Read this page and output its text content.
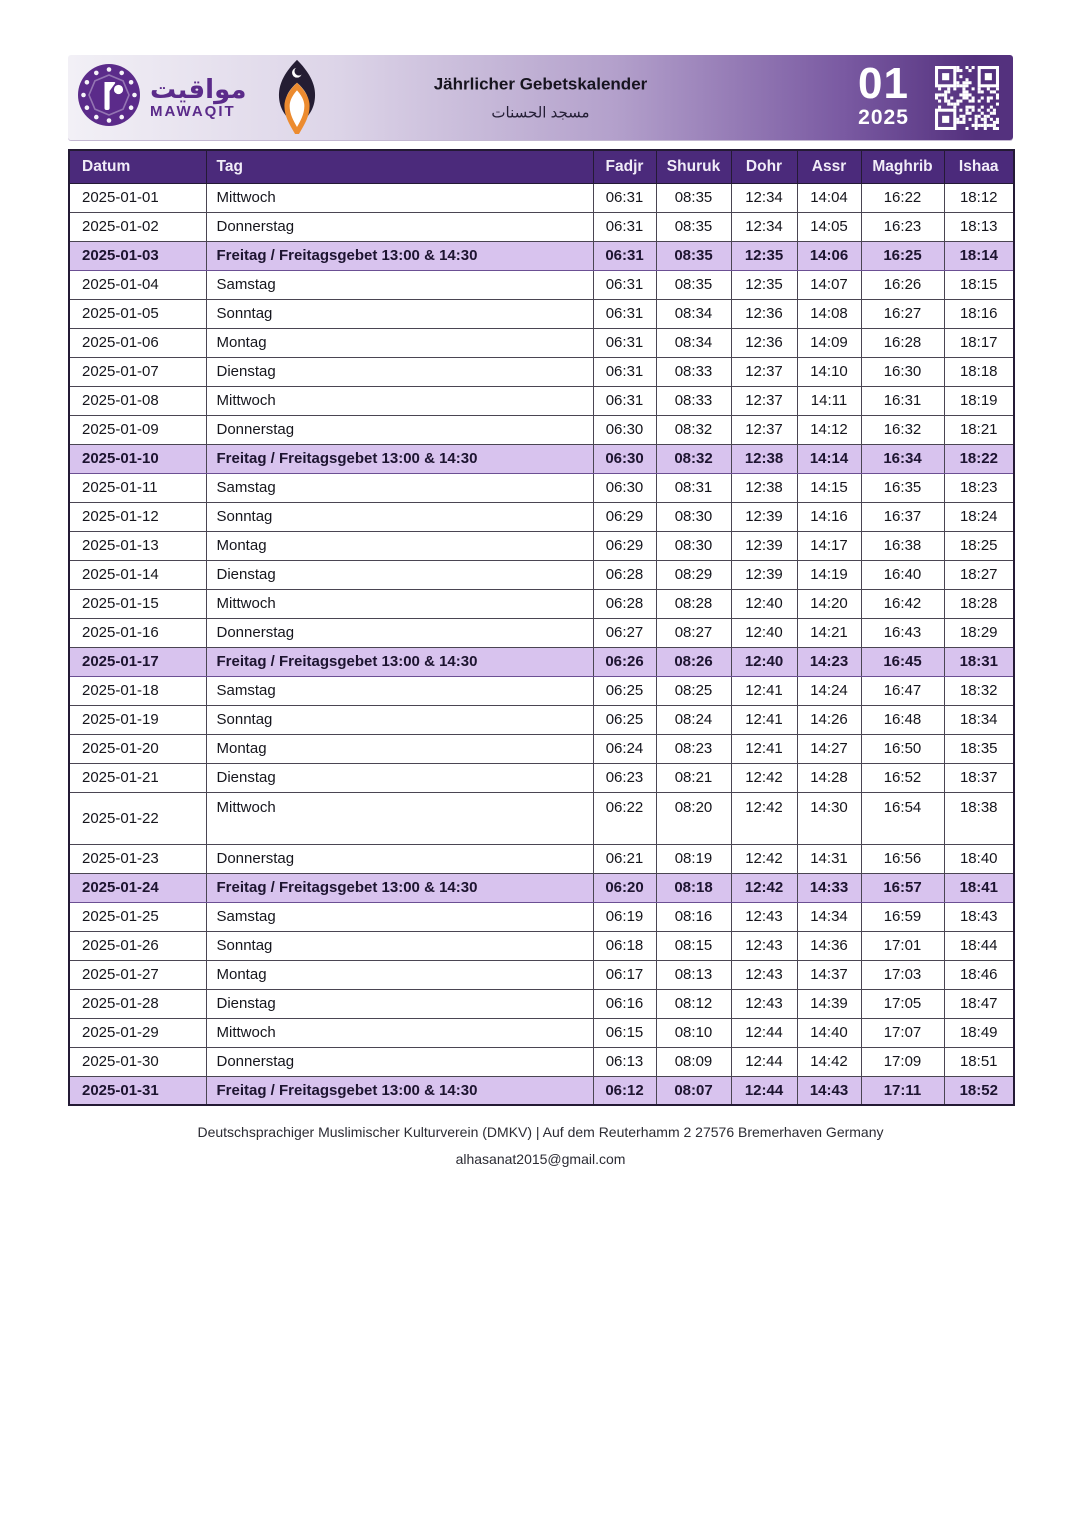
مواقيت
MAWAQIT
Jährlicher Gebetskalender
مسجد الحسنات
01
2025
Datum	Tag	Fadjr	Shuruk	Dohr	Assr	Maghrib	Ishaa
2025-01-01	Mittwoch	06:31	08:35	12:34	14:04	16:22	18:12
2025-01-02	Donnerstag	06:31	08:35	12:34	14:05	16:23	18:13
2025-01-03	Freitag / Freitagsgebet 13:00 & 14:30	06:31	08:35	12:35	14:06	16:25	18:14
2025-01-04	Samstag	06:31	08:35	12:35	14:07	16:26	18:15
2025-01-05	Sonntag	06:31	08:34	12:36	14:08	16:27	18:16
2025-01-06	Montag	06:31	08:34	12:36	14:09	16:28	18:17
2025-01-07	Dienstag	06:31	08:33	12:37	14:10	16:30	18:18
2025-01-08	Mittwoch	06:31	08:33	12:37	14:11	16:31	18:19
2025-01-09	Donnerstag	06:30	08:32	12:37	14:12	16:32	18:21
2025-01-10	Freitag / Freitagsgebet 13:00 & 14:30	06:30	08:32	12:38	14:14	16:34	18:22
2025-01-11	Samstag	06:30	08:31	12:38	14:15	16:35	18:23
2025-01-12	Sonntag	06:29	08:30	12:39	14:16	16:37	18:24
2025-01-13	Montag	06:29	08:30	12:39	14:17	16:38	18:25
2025-01-14	Dienstag	06:28	08:29	12:39	14:19	16:40	18:27
2025-01-15	Mittwoch	06:28	08:28	12:40	14:20	16:42	18:28
2025-01-16	Donnerstag	06:27	08:27	12:40	14:21	16:43	18:29
2025-01-17	Freitag / Freitagsgebet 13:00 & 14:30	06:26	08:26	12:40	14:23	16:45	18:31
2025-01-18	Samstag	06:25	08:25	12:41	14:24	16:47	18:32
2025-01-19	Sonntag	06:25	08:24	12:41	14:26	16:48	18:34
2025-01-20	Montag	06:24	08:23	12:41	14:27	16:50	18:35
2025-01-21	Dienstag	06:23	08:21	12:42	14:28	16:52	18:37
2025-01-22	Mittwoch	06:22	08:20	12:42	14:30	16:54	18:38
2025-01-23	Donnerstag	06:21	08:19	12:42	14:31	16:56	18:40
2025-01-24	Freitag / Freitagsgebet 13:00 & 14:30	06:20	08:18	12:42	14:33	16:57	18:41
2025-01-25	Samstag	06:19	08:16	12:43	14:34	16:59	18:43
2025-01-26	Sonntag	06:18	08:15	12:43	14:36	17:01	18:44
2025-01-27	Montag	06:17	08:13	12:43	14:37	17:03	18:46
2025-01-28	Dienstag	06:16	08:12	12:43	14:39	17:05	18:47
2025-01-29	Mittwoch	06:15	08:10	12:44	14:40	17:07	18:49
2025-01-30	Donnerstag	06:13	08:09	12:44	14:42	17:09	18:51
2025-01-31	Freitag / Freitagsgebet 13:00 & 14:30	06:12	08:07	12:44	14:43	17:11	18:52
Deutschsprachiger Muslimischer Kulturverein (DMKV) | Auf dem Reuterhamm 2 27576 Bremerhaven Germany
alhasanat2015@gmail.com
